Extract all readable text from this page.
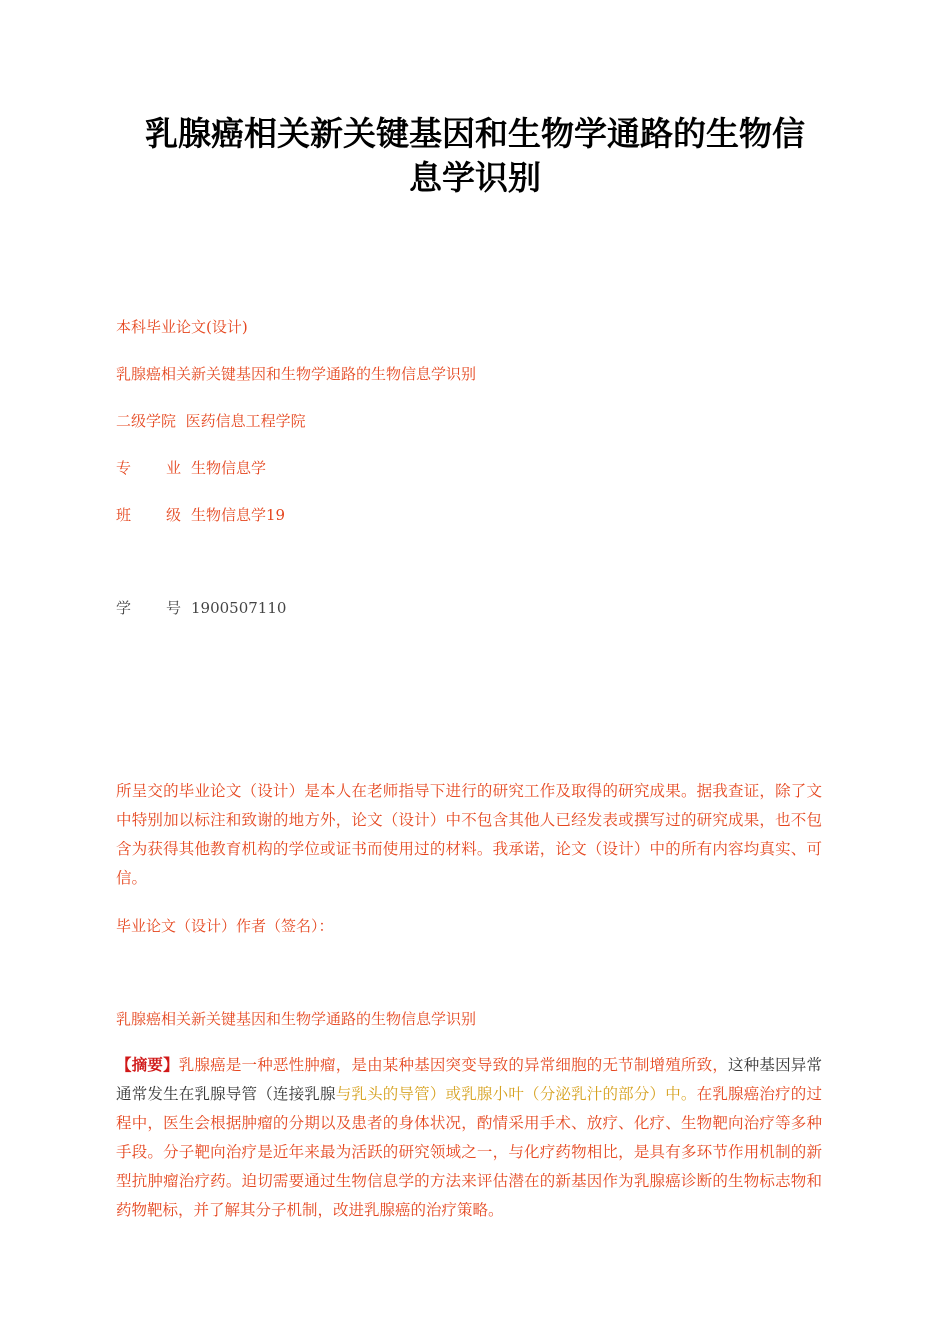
乳腺癌相关新关键基因和生物学通路的生物信
息学识别
本科毕业论文(设计)
乳腺癌相关新关键基因和生物学通路的生物信息学识别
二级学院 医药信息工程学院
专 业 生物信息学
班 级 生物信息学19
学 号 1900507110
所呈交的毕业论文（设计）是本人在老师指导下进行的研究工作及取得的研究成果。据我查证，除了文中特别加以标注和致谢的地方外，论文（设计）中不包含其他人已经发表或撰写过的研究成果，也不包含为获得其他教育机构的学位或证书而使用过的材料。我承诺，论文（设计）中的所有内容均真实、可信。
毕业论文（设计）作者（签名）：
乳腺癌相关新关键基因和生物学通路的生物信息学识别
【摘要】乳腺癌是一种恶性肿瘤，是由某种基因突变导致的异常细胞的无节制增殖所致，这种基因异常通常发生在乳腺导管（连接乳腺与乳头的导管）或乳腺小叶（分泌乳汁的部分）中。在乳腺癌治疗的过程中，医生会根据肿瘤的分期以及患者的身体状况，酌情采用手术、放疗、化疗、生物靶向治疗等多种手段。分子靶向治疗是近年来最为活跃的研究领域之一，与化疗药物相比，是具有多环节作用机制的新型抗肿瘤治疗药。迫切需要通过生物信息学的方法来评估潜在的新基因作为乳腺癌诊断的生物标志物和药物靶标，并了解其分子机制，改进乳腺癌的治疗策略。
